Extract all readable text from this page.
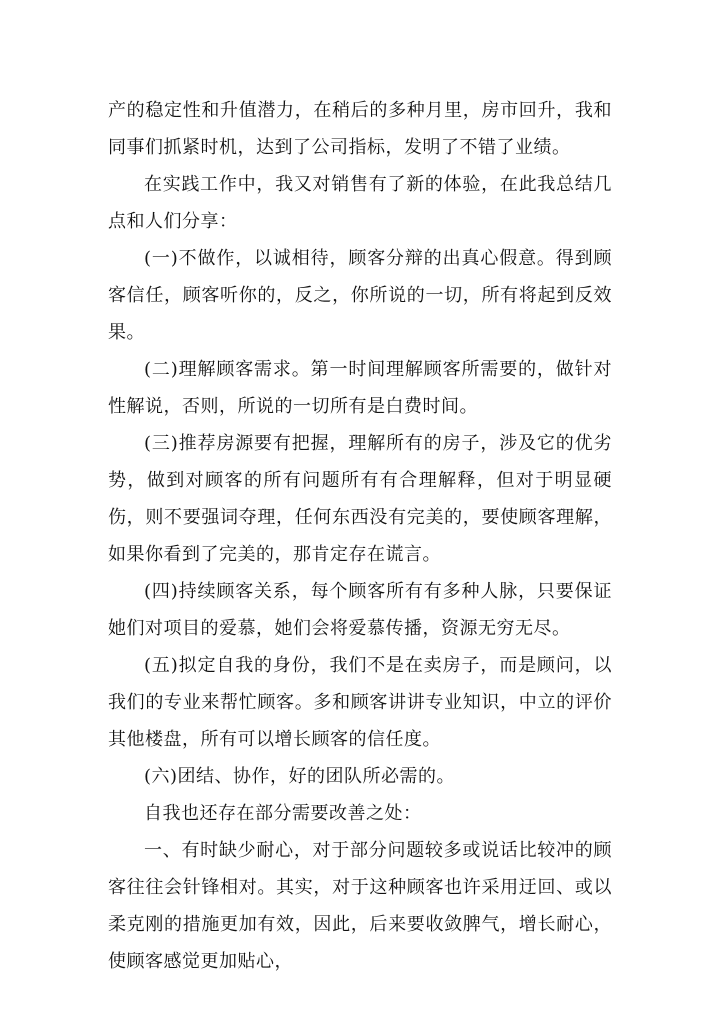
产的稳定性和升值潜力，在稍后的多种月里，房市回升，我和同事们抓紧时机，达到了公司指标，发明了不错了业绩。

在实践工作中，我又对销售有了新的体验，在此我总结几点和人们分享：

(一)不做作，以诚相待，顾客分辩的出真心假意。得到顾客信任，顾客听你的，反之，你所说的一切，所有将起到反效果。

(二)理解顾客需求。第一时间理解顾客所需要的，做针对性解说，否则，所说的一切所有是白费时间。

(三)推荐房源要有把握，理解所有的房子，涉及它的优劣势，做到对顾客的所有问题所有有合理解释，但对于明显硬伤，则不要强词夺理，任何东西没有完美的，要使顾客理解，如果你看到了完美的，那肯定存在谎言。

(四)持续顾客关系，每个顾客所有有多种人脉，只要保证她们对项目的爱慕，她们会将爱慕传播，资源无穷无尽。

(五)拟定自我的身份，我们不是在卖房子，而是顾问，以我们的专业来帮忙顾客。多和顾客讲讲专业知识，中立的评价其他楼盘，所有可以增长顾客的信任度。

(六)团结、协作，好的团队所必需的。

自我也还存在部分需要改善之处：

一、有时缺少耐心，对于部分问题较多或说话比较冲的顾客往往会针锋相对。其实，对于这种顾客也许采用迂回、或以柔克刚的措施更加有效，因此，后来要收敛脾气，增长耐心，使顾客感觉更加贴心，
